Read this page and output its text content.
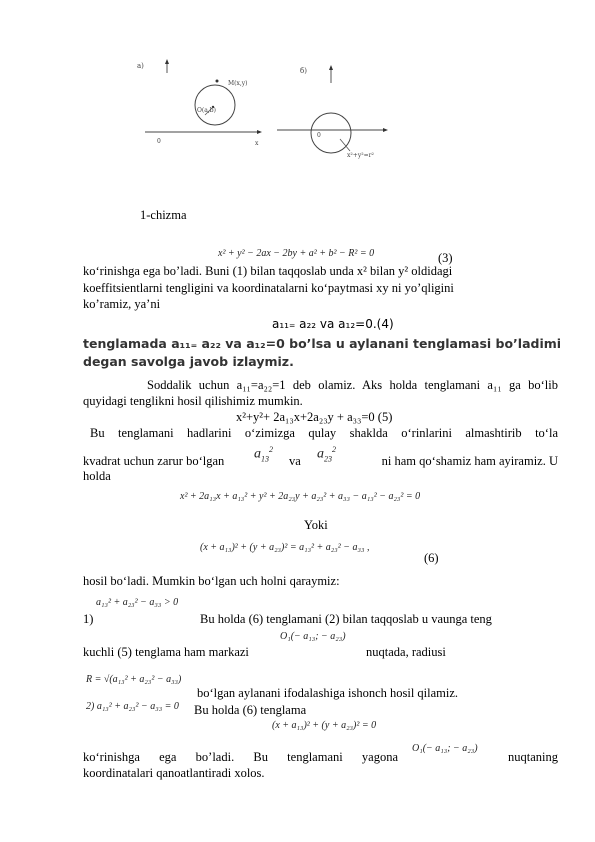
a)
б)
M(x,y)
O(a,b)
0	x
0
x²+y²=r²
1-chizma
x² + y² − 2ax − 2by + a² + b² − R² = 0	(3)
ko‘rinishga ega bo’ladi. Buni (1) bilan taqqoslab unda x² bilan y² oldidagi
koeffitsientlarni tengligini va koordinatalarni ko‘paytmasi xy ni yo’qligini
ko’ramiz, ya’ni
a₁₁₌ a₂₂ va a₁₂=0.(4)
tenglamada a₁₁₌ a₂₂ va a₁₂=0 bo’lsa u aylanani tenglamasi bo’ladimi
degan savolga javob izlaymiz.
Soddalik uchun a₁₁=a₂₂=1 deb olamiz. Aks holda tenglamani a₁₁ ga bo‘lib
quyidagi tenglikni hosil qilishimiz mumkin.
x²+y²+ 2a₁₃x+2a₂₃y + a₃₃=0 (5)
Bu tenglamani hadlarini o‘zimizga qulay shaklda o‘rinlarini almashtirib to‘la
kvadrat uchun zarur bo‘lgan $a_{13}^2$
va $a_{23}^2$
ni ham qo‘shamiz ham ayiramiz. U
holda
x² + 2a₁₃x + a₁₃² + y² + 2a₂₃y + a₂₃² + a₃₃ − a₁₃² − a₂₃² = 0
Yoki
(x + a₁₃)² + (y + a₂₃)² = a₁₃² + a₂₃² − a₃₃ ,
(6)
hosil bo‘ladi. Mumkin bo‘lgan uch holni qaraymiz:
a₁₃² + a₂₃² − a₃₃ > 0
1)	Bu holda (6) tenglamani (2) bilan taqqoslab u vaunga teng
O₁(− a₁₃; − a₂₃)
kuchli (5) tenglama ham markazi	nuqtada, radiusi
R = √(a₁₃² + a₂₃² − a₃₃)
bo‘lgan aylanani ifodalashiga ishonch hosil qilamiz.
2) a₁₃² + a₂₃² − a₃₃ = 0 Bu holda (6) tenglama
(x + a₁₃)² + (y + a₂₃)² = 0
ko‘rinishga ega bo’ladi. Bu tenglamani yagona
O₁(− a₁₃; − a₂₃)
nuqtaning
koordinatalari qanoatlantiradi xolos.
